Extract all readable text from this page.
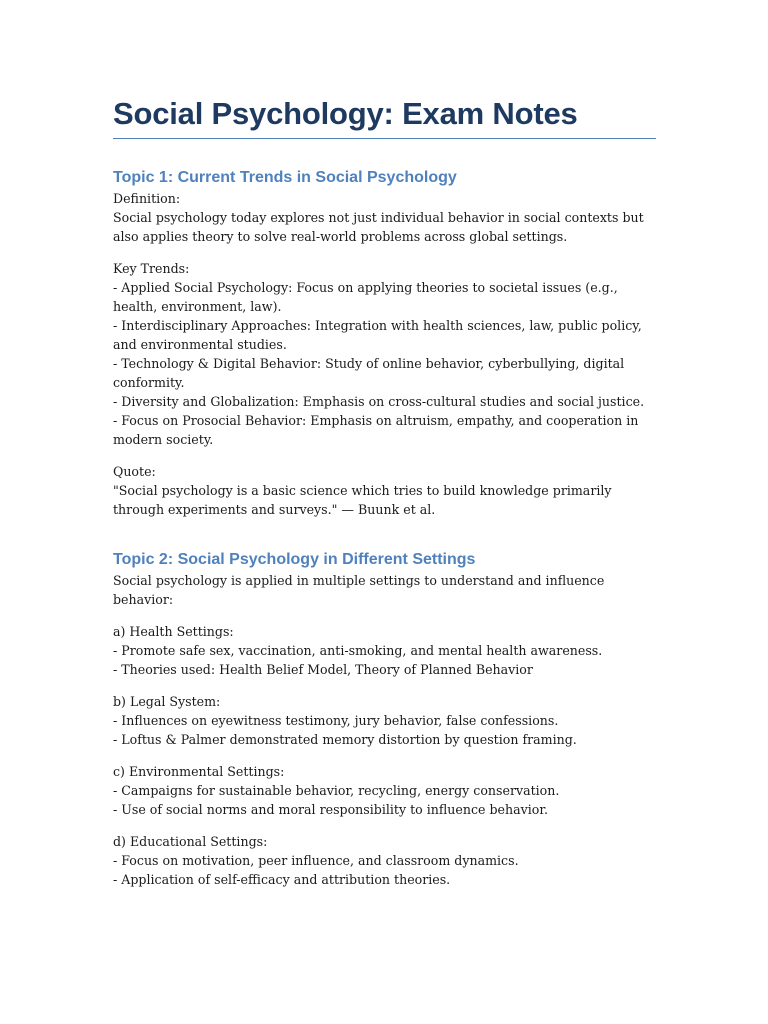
Social Psychology: Exam Notes
Topic 1: Current Trends in Social Psychology
Definition:
Social psychology today explores not just individual behavior in social contexts but also applies theory to solve real-world problems across global settings.
Key Trends:
- Applied Social Psychology: Focus on applying theories to societal issues (e.g., health, environment, law).
- Interdisciplinary Approaches: Integration with health sciences, law, public policy, and environmental studies.
- Technology & Digital Behavior: Study of online behavior, cyberbullying, digital conformity.
- Diversity and Globalization: Emphasis on cross-cultural studies and social justice.
- Focus on Prosocial Behavior: Emphasis on altruism, empathy, and cooperation in modern society.
Quote:
"Social psychology is a basic science which tries to build knowledge primarily through experiments and surveys." — Buunk et al.
Topic 2: Social Psychology in Different Settings
Social psychology is applied in multiple settings to understand and influence behavior:
a) Health Settings:
- Promote safe sex, vaccination, anti-smoking, and mental health awareness.
- Theories used: Health Belief Model, Theory of Planned Behavior
b) Legal System:
- Influences on eyewitness testimony, jury behavior, false confessions.
- Loftus & Palmer demonstrated memory distortion by question framing.
c) Environmental Settings:
- Campaigns for sustainable behavior, recycling, energy conservation.
- Use of social norms and moral responsibility to influence behavior.
d) Educational Settings:
- Focus on motivation, peer influence, and classroom dynamics.
- Application of self-efficacy and attribution theories.
